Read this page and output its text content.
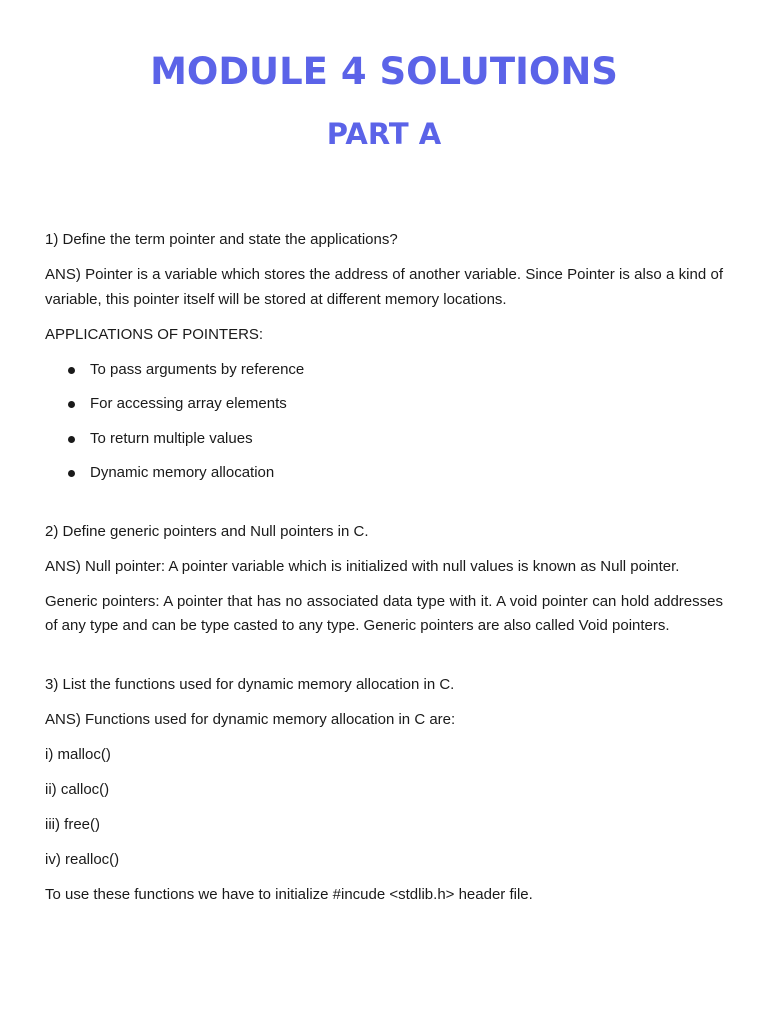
MODULE 4 SOLUTIONS
PART A

1) Define the term pointer and state the applications?

ANS) Pointer is a variable which stores the address of another variable. Since Pointer is also a kind of variable, this pointer itself will be stored at different memory locations.

APPLICATIONS OF POINTERS:

To pass arguments by reference
For accessing array elements
To return multiple values
Dynamic memory allocation

2) Define generic pointers and Null pointers in C.

ANS) Null pointer: A pointer variable which is initialized with null values is known as Null pointer.

Generic pointers: A pointer that has no associated data type with it. A void pointer can hold addresses of any type and can be type casted to any type. Generic pointers are also called Void pointers.

3) List the functions used for dynamic memory allocation in C.

ANS) Functions used for dynamic memory allocation in C are:

i) malloc()

ii) calloc()

iii) free()

iv) realloc()

To use these functions we have to initialize #incude <stdlib.h> header file.
